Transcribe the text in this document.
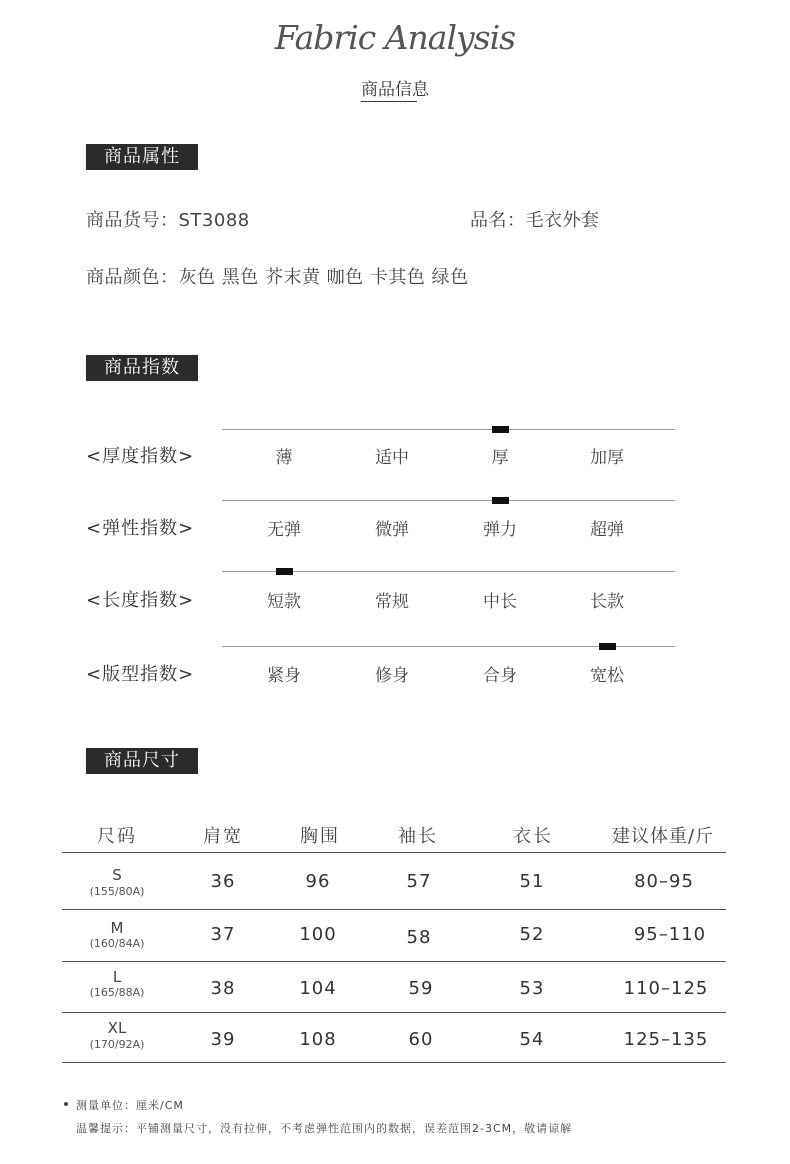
Fabric Analysis
商品信息
商品属性
商品货号：ST3088	品名：毛衣外套
商品颜色：灰色 黑色 芥末黄 咖色 卡其色 绿色
商品指数
<厚度指数>	薄	适中	厚	加厚
<弹性指数>	无弹	微弹	弹力	超弹
<长度指数>	短款	常规	中长	长款
<版型指数>	紧身	修身	合身	宽松
商品尺寸
尺码	肩宽	胸围	袖长	衣长	建议体重/斤
S
(155/80A)	36	96	57	51	80–95
M
(160/84A)	37	100	58	52	95–110
L
(165/88A)	38	104	59	53	110–125
XL
(170/92A)	39	108	60	54	125–135
测量单位：厘米/CM
温馨提示：平铺测量尺寸，没有拉伸，不考虑弹性范围内的数据，误差范围2-3CM，敬请谅解
